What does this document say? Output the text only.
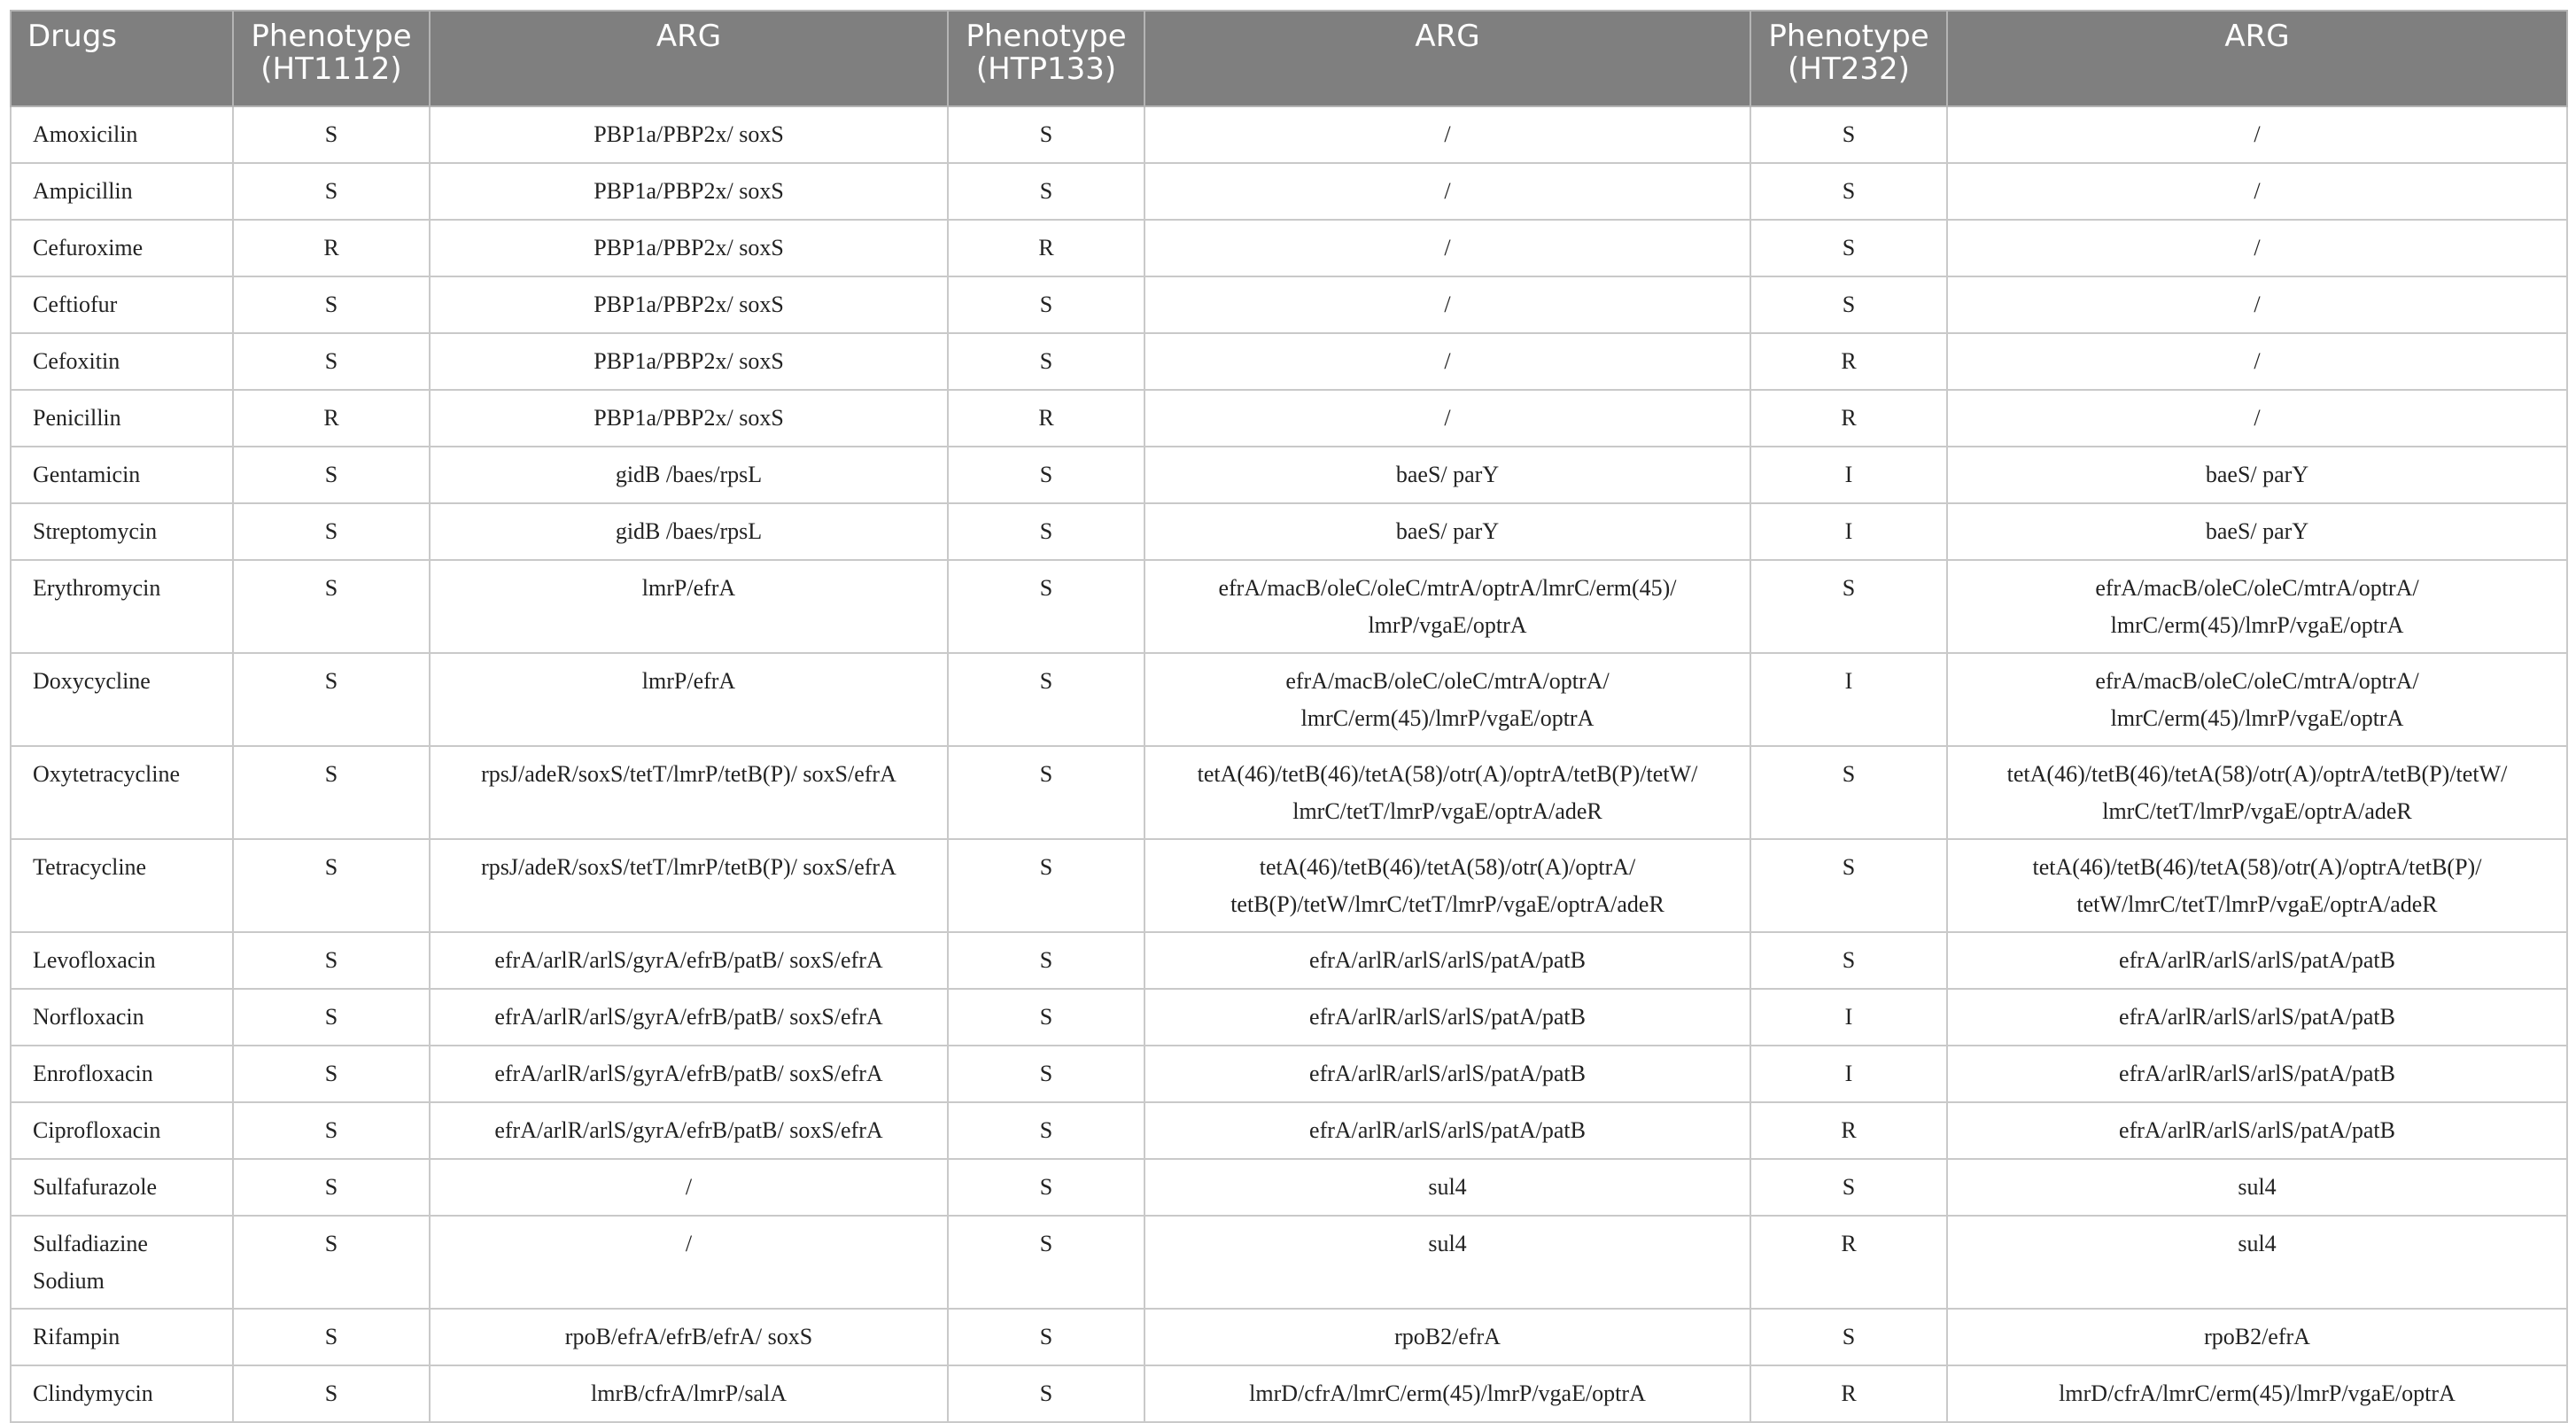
Drugs	Phenotype (HT1112)	ARG	Phenotype (HTP133)	ARG	Phenotype (HT232)	ARG
Amoxicilin	S	PBP1a/PBP2x/ soxS	S	/	S	/
Ampicillin	S	PBP1a/PBP2x/ soxS	S	/	S	/
Cefuroxime	R	PBP1a/PBP2x/ soxS	R	/	S	/
Ceftiofur	S	PBP1a/PBP2x/ soxS	S	/	S	/
Cefoxitin	S	PBP1a/PBP2x/ soxS	S	/	R	/
Penicillin	R	PBP1a/PBP2x/ soxS	R	/	R	/
Gentamicin	S	gidB /baes/rpsL	S	baeS/ parY	I	baeS/ parY
Streptomycin	S	gidB /baes/rpsL	S	baeS/ parY	I	baeS/ parY
Erythromycin	S	lmrP/efrA	S	efrA/macB/oleC/oleC/mtrA/optrA/lmrC/erm(45)/ lmrP/vgaE/optrA	S	efrA/macB/oleC/oleC/mtrA/optrA/ lmrC/erm(45)/lmrP/vgaE/optrA
Doxycycline	S	lmrP/efrA	S	efrA/macB/oleC/oleC/mtrA/optrA/ lmrC/erm(45)/lmrP/vgaE/optrA	I	efrA/macB/oleC/oleC/mtrA/optrA/ lmrC/erm(45)/lmrP/vgaE/optrA
Oxytetracycline	S	rpsJ/adeR/soxS/tetT/lmrP/tetB(P)/ soxS/efrA	S	tetA(46)/tetB(46)/tetA(58)/otr(A)/optrA/tetB(P)/tetW/ lmrC/tetT/lmrP/vgaE/optrA/adeR	S	tetA(46)/tetB(46)/tetA(58)/otr(A)/optrA/tetB(P)/tetW/ lmrC/tetT/lmrP/vgaE/optrA/adeR
Tetracycline	S	rpsJ/adeR/soxS/tetT/lmrP/tetB(P)/ soxS/efrA	S	tetA(46)/tetB(46)/tetA(58)/otr(A)/optrA/ tetB(P)/tetW/lmrC/tetT/lmrP/vgaE/optrA/adeR	S	tetA(46)/tetB(46)/tetA(58)/otr(A)/optrA/tetB(P)/ tetW/lmrC/tetT/lmrP/vgaE/optrA/adeR
Levofloxacin	S	efrA/arlR/arlS/gyrA/efrB/patB/ soxS/efrA	S	efrA/arlR/arlS/arlS/patA/patB	S	efrA/arlR/arlS/arlS/patA/patB
Norfloxacin	S	efrA/arlR/arlS/gyrA/efrB/patB/ soxS/efrA	S	efrA/arlR/arlS/arlS/patA/patB	I	efrA/arlR/arlS/arlS/patA/patB
Enrofloxacin	S	efrA/arlR/arlS/gyrA/efrB/patB/ soxS/efrA	S	efrA/arlR/arlS/arlS/patA/patB	I	efrA/arlR/arlS/arlS/patA/patB
Ciprofloxacin	S	efrA/arlR/arlS/gyrA/efrB/patB/ soxS/efrA	S	efrA/arlR/arlS/arlS/patA/patB	R	efrA/arlR/arlS/arlS/patA/patB
Sulfafurazole	S	/	S	sul4	S	sul4
Sulfadiazine Sodium	S	/	S	sul4	R	sul4
Rifampin	S	rpoB/efrA/efrB/efrA/ soxS	S	rpoB2/efrA	S	rpoB2/efrA
Clindymycin	S	lmrB/cfrA/lmrP/salA	S	lmrD/cfrA/lmrC/erm(45)/lmrP/vgaE/optrA	R	lmrD/cfrA/lmrC/erm(45)/lmrP/vgaE/optrA
